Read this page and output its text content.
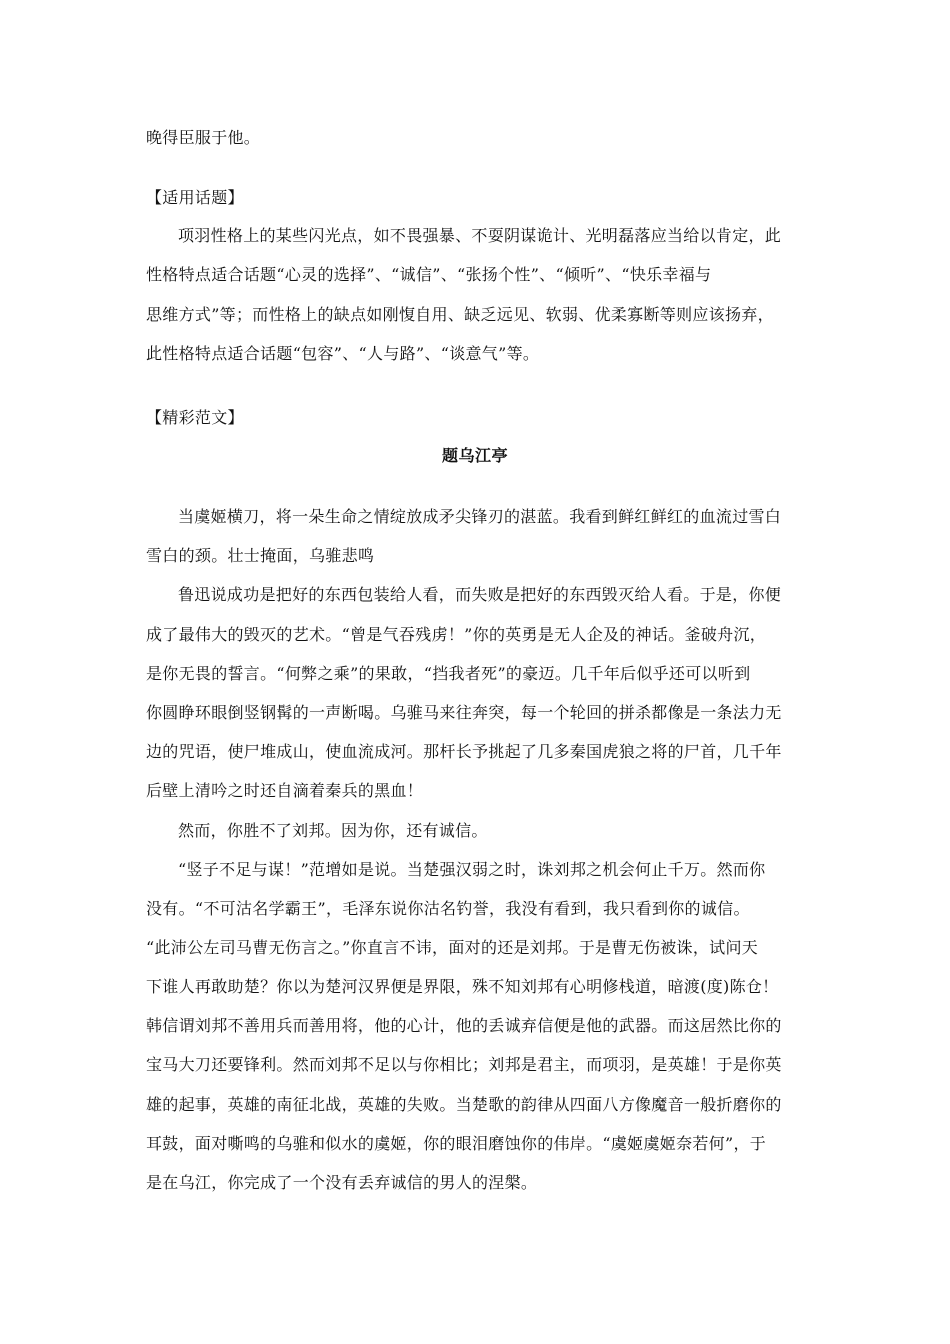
晚得臣服于他。
【适用话题】
项羽性格上的某些闪光点，如不畏强暴、不耍阴谋诡计、光明磊落应当给以肯定，此
性格特点适合话题“心灵的选择”、“诚信”、“张扬个性”、“倾听”、“快乐幸福与
思维方式”等；而性格上的缺点如刚愎自用、缺乏远见、软弱、优柔寡断等则应该扬弃，
此性格特点适合话题“包容”、“人与路”、“谈意气”等。
【精彩范文】
题乌江亭
当虞姬横刀，将一朵生命之情绽放成矛尖锋刃的湛蓝。我看到鲜红鲜红的血流过雪白
雪白的颈。壮士掩面，乌骓悲鸣
鲁迅说成功是把好的东西包装给人看，而失败是把好的东西毁灭给人看。于是，你便
成了最伟大的毁灭的艺术。“曾是气吞残虏！”你的英勇是无人企及的神话。釜破舟沉，
是你无畏的誓言。“何弊之乘”的果敢，“挡我者死”的豪迈。几千年后似乎还可以听到
你圆睁环眼倒竖钢髯的一声断喝。乌骓马来往奔突，每一个轮回的拼杀都像是一条法力无
边的咒语，使尸堆成山，使血流成河。那杆长予挑起了几多秦国虎狼之将的尸首，几千年
后壁上清吟之时还自滴着秦兵的黑血！
然而，你胜不了刘邦。因为你，还有诚信。
“竖子不足与谋！”范增如是说。当楚强汉弱之时，诛刘邦之机会何止千万。然而你
没有。“不可沽名学霸王”，毛泽东说你沽名钓誉，我没有看到，我只看到你的诚信。
“此沛公左司马曹无伤言之。”你直言不讳，面对的还是刘邦。于是曹无伤被诛，试问天
下谁人再敢助楚？你以为楚河汉界便是界限，殊不知刘邦有心明修栈道，暗渡(度)陈仓！
韩信谓刘邦不善用兵而善用将，他的心计，他的丢诚弃信便是他的武器。而这居然比你的
宝马大刀还要锋利。然而刘邦不足以与你相比；刘邦是君主，而项羽，是英雄！于是你英
雄的起事，英雄的南征北战，英雄的失败。当楚歌的韵律从四面八方像魔音一般折磨你的
耳鼓，面对嘶鸣的乌骓和似水的虞姬，你的眼泪磨蚀你的伟岸。“虞姬虞姬奈若何”，于
是在乌江，你完成了一个没有丢弃诚信的男人的涅槃。
